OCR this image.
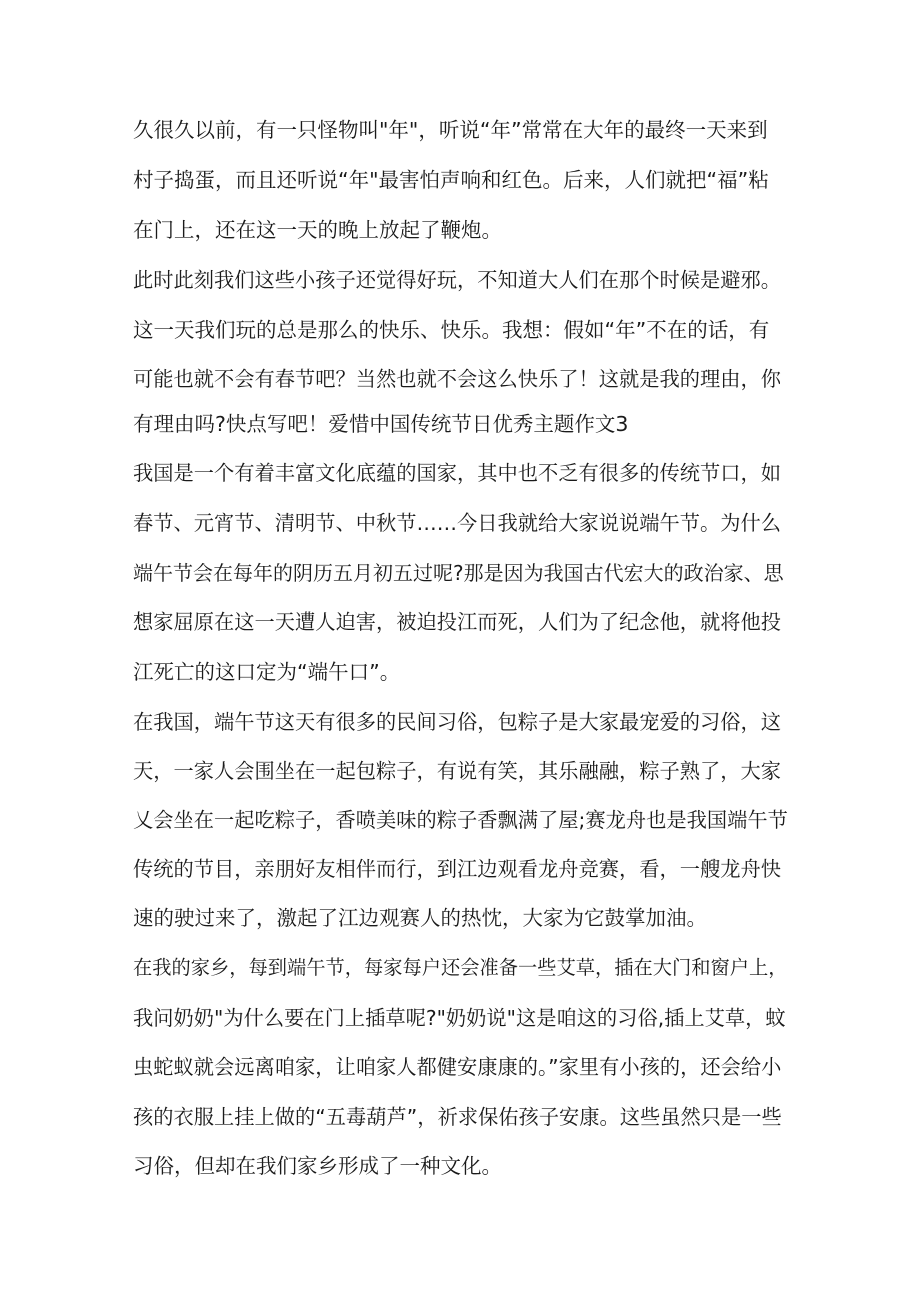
久很久以前，有一只怪物叫"年"，听说“年”常常在大年的最终一天来到

村子捣蛋，而且还听说“年"最害怕声响和红色。后来，人们就把“福”粘

在门上，还在这一天的晚上放起了鞭炮。

此时此刻我们这些小孩子还觉得好玩，不知道大人们在那个时候是避邪。

这一天我们玩的总是那么的快乐、快乐。我想：假如“年”不在的话，有

可能也就不会有春节吧？当然也就不会这么快乐了！这就是我的理由，你

有理由吗?快点写吧！爱惜中国传统节日优秀主题作文3

我国是一个有着丰富文化底蕴的国家，其中也不乏有很多的传统节口，如

春节、元宵节、清明节、中秋节……今日我就给大家说说端午节。为什么

端午节会在每年的阴历五月初五过呢?那是因为我国古代宏大的政治家、思

想家屈原在这一天遭人迫害，被迫投江而死，人们为了纪念他，就将他投

江死亡的这口定为“端午口”。

在我国，端午节这天有很多的民间习俗，包粽子是大家最宠爱的习俗，这

天，一家人会围坐在一起包粽子，有说有笑，其乐融融，粽子熟了，大家

乂会坐在一起吃粽子，香喷美味的粽子香飘满了屋;赛龙舟也是我国端午节

传统的节目，亲朋好友相伴而行，到江边观看龙舟竞赛，看，一艘龙舟快

速的驶过来了，激起了江边观赛人的热忱，大家为它鼓掌加油。

在我的家乡，每到端午节，每家每户还会准备一些艾草，插在大门和窗户上，

我问奶奶"为什么要在门上插草呢?"奶奶说"这是咱这的习俗,插上艾草，蚊

虫蛇蚁就会远离咱家，让咱家人都健安康康的。”家里有小孩的，还会给小

孩的衣服上挂上做的“五毒葫芦”，祈求保佑孩子安康。这些虽然只是一些

习俗，但却在我们家乡形成了一种文化。
